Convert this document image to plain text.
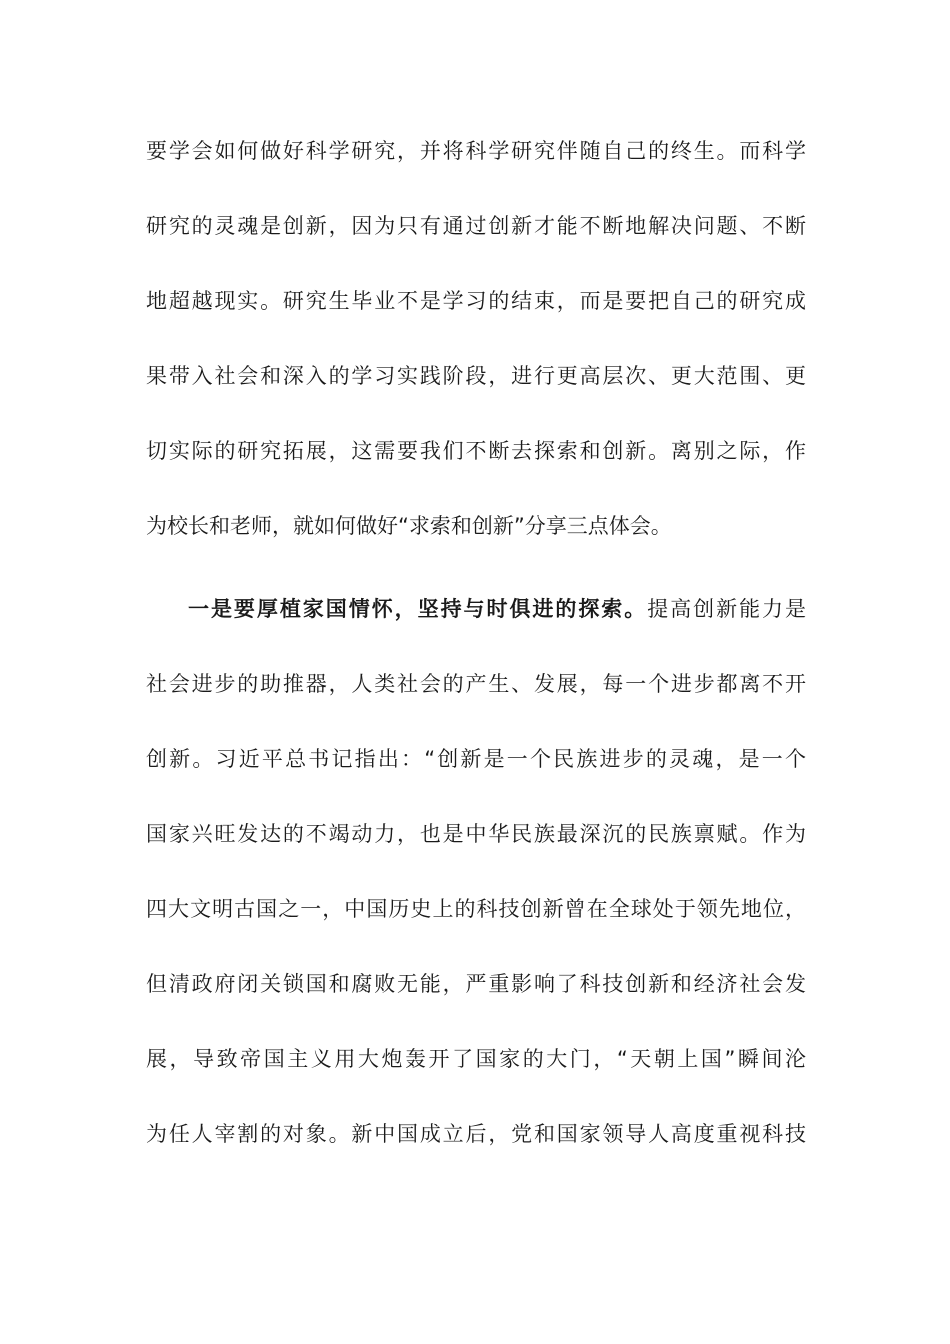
要学会如何做好科学研究，并将科学研究伴随自己的终生。而科学
研究的灵魂是创新，因为只有通过创新才能不断地解决问题、不断
地超越现实。研究生毕业不是学习的结束，而是要把自己的研究成
果带入社会和深入的学习实践阶段，进行更高层次、更大范围、更
切实际的研究拓展，这需要我们不断去探索和创新。离别之际，作
为校长和老师，就如何做好“求索和创新”分享三点体会。
一是要厚植家国情怀，坚持与时俱进的探索。提高创新能力是
社会进步的助推器，人类社会的产生、发展，每一个进步都离不开
创新。习近平总书记指出：“创新是一个民族进步的灵魂，是一个
国家兴旺发达的不竭动力，也是中华民族最深沉的民族禀赋。作为
四大文明古国之一，中国历史上的科技创新曾在全球处于领先地位，
但清政府闭关锁国和腐败无能，严重影响了科技创新和经济社会发
展，导致帝国主义用大炮轰开了国家的大门，“天朝上国”瞬间沦
为任人宰割的对象。新中国成立后，党和国家领导人高度重视科技
